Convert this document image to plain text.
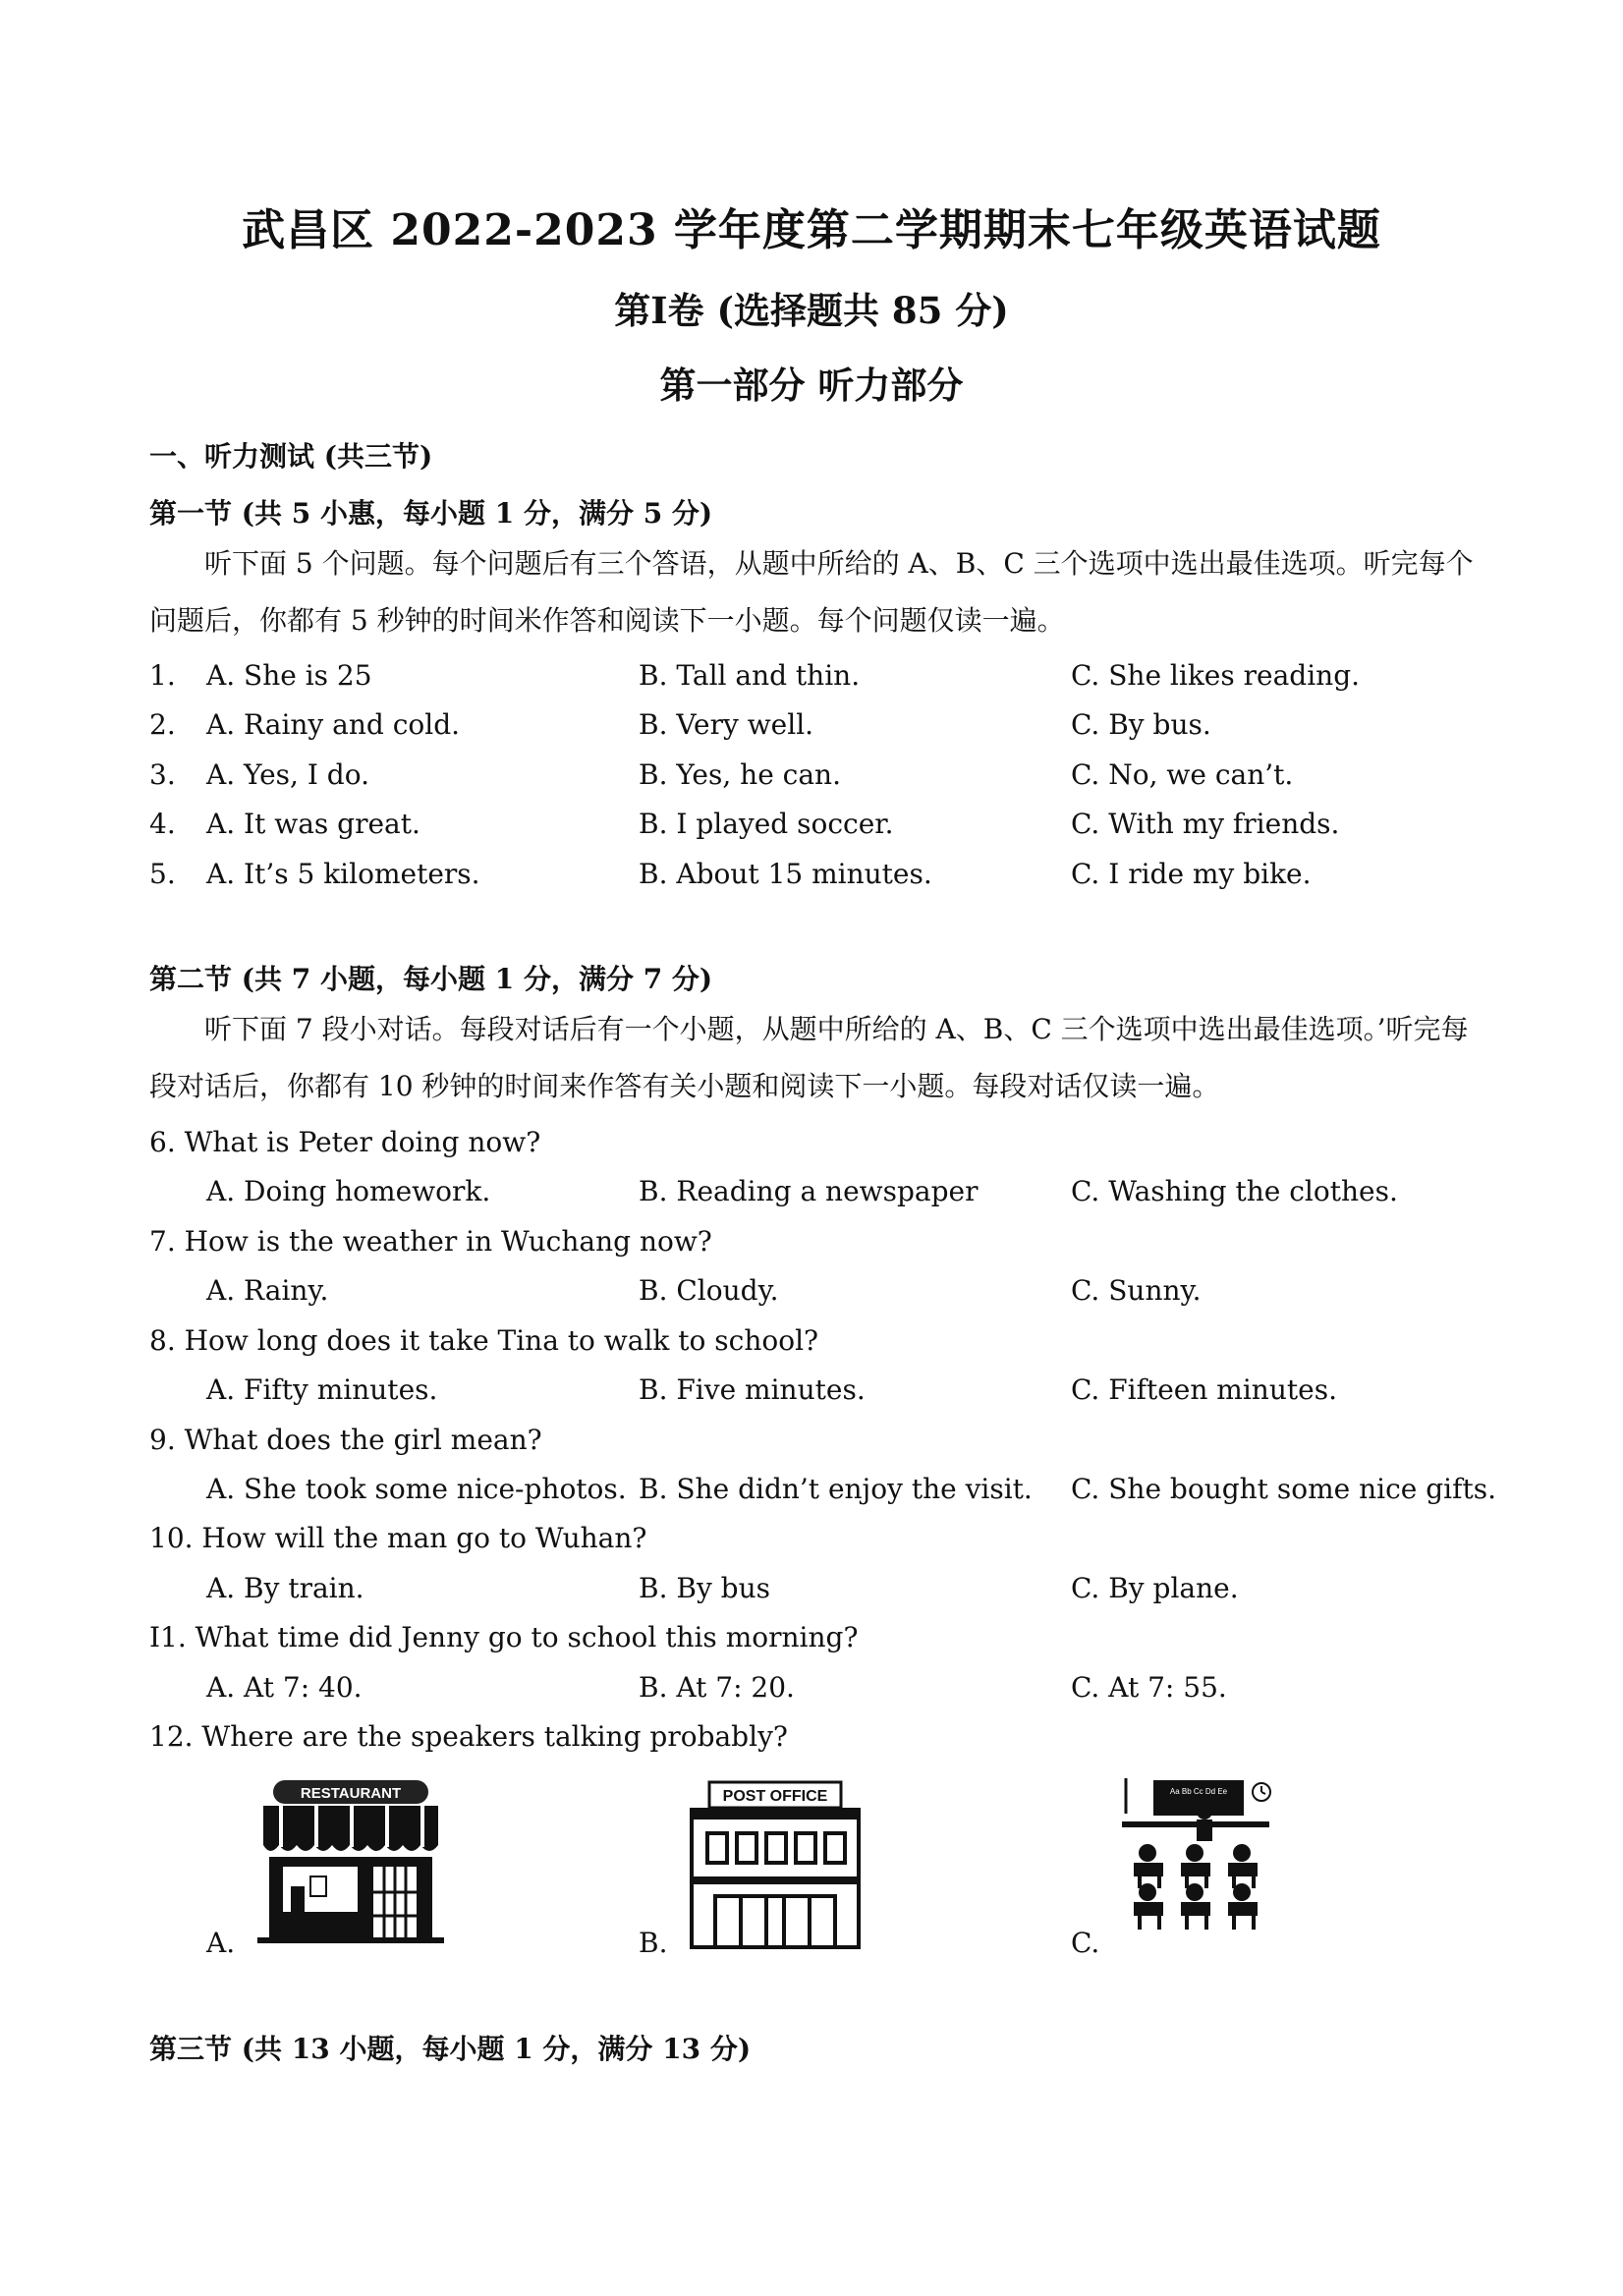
武昌区 2022-2023 学年度第二学期期末七年级英语试题
第Ⅰ卷 (选择题共 85 分)
第一部分 听力部分
一、听力测试 (共三节)
第一节 (共 5 小惠，每小题 1 分，满分 5 分)
听下面 5 个问题。每个问题后有三个答语，从题中所给的 A、B、C 三个选项中选出最佳选项。听完每个问题后，你都有 5 秒钟的时间米作答和阅读下一小题。每个问题仅读一遍。
1. A. She is 25	B. Tall and thin.	C. She likes reading.
2. A. Rainy and cold.	B. Very well.	C. By bus.
3. A. Yes, I do.	B. Yes, he can.	C. No, we can’t.
4. A. It was great.	B. I played soccer.	C. With my friends.
5. A. It’s 5 kilometers.	B. About 15 minutes.	C. I ride my bike.
第二节 (共 7 小题，每小题 1 分，满分 7 分)
听下面 7 段小对话。每段对话后有一个小题，从题中所给的 A、B、C 三个选项中选出最佳选项。’听完每段对话后，你都有 10 秒钟的时间来作答有关小题和阅读下一小题。每段对话仅读一遍。
6. What is Peter doing now?
A. Doing homework.	B. Reading a newspaper	C. Washing the clothes.
7. How is the weather in Wuchang now?
A. Rainy.	B. Cloudy.	C. Sunny.
8. How long does it take Tina to walk to school?
A. Fifty minutes.	B. Five minutes.	C. Fifteen minutes.
9. What does the girl mean?
A. She took some nice-photos. B. She didn’t enjoy the visit. C. She bought some nice gifts.
10. How will the man go to Wuhan?
A. By train.	B. By bus	C. By plane.
I1. What time did Jenny go to school this morning?
A. At 7: 40.	B. At 7: 20.	C. At 7: 55.
12. Where are the speakers talking probably?
A.	B.	C.
RESTAURANT	POST OFFICE	Aa Bb Cc Dd Ee
第三节 (共 13 小题，每小题 1 分，满分 13 分)
